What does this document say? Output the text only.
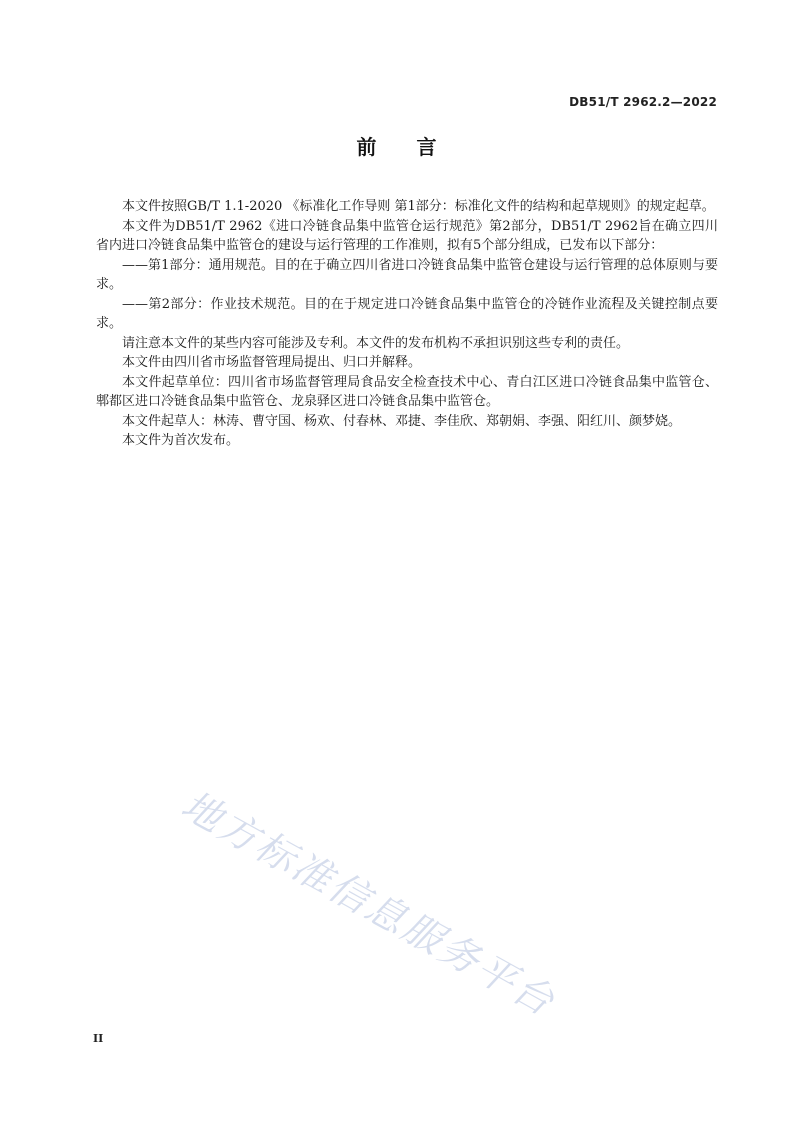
DB51/T 2962.2—2022
前言

本文件按照GB/T 1.1-2020 《标准化工作导则 第1部分：标准化文件的结构和起草规则》的规定起草。

本文件为DB51/T 2962《进口冷链食品集中监管仓运行规范》第2部分，DB51/T 2962旨在确立四川省内进口冷链食品集中监管仓的建设与运行管理的工作准则，拟有5个部分组成，已发布以下部分：

——第1部分：通用规范。目的在于确立四川省进口冷链食品集中监管仓建设与运行管理的总体原则与要求。

——第2部分：作业技术规范。目的在于规定进口冷链食品集中监管仓的冷链作业流程及关键控制点要求。

请注意本文件的某些内容可能涉及专利。本文件的发布机构不承担识别这些专利的责任。

本文件由四川省市场监督管理局提出、归口并解释。

本文件起草单位：四川省市场监督管理局食品安全检查技术中心、青白江区进口冷链食品集中监管仓、郫都区进口冷链食品集中监管仓、龙泉驿区进口冷链食品集中监管仓。

本文件起草人：林涛、曹守国、杨欢、付春林、邓捷、李佳欣、郑朝娟、李强、阳红川、颜梦娆。

本文件为首次发布。

地方标准信息服务平台
II
